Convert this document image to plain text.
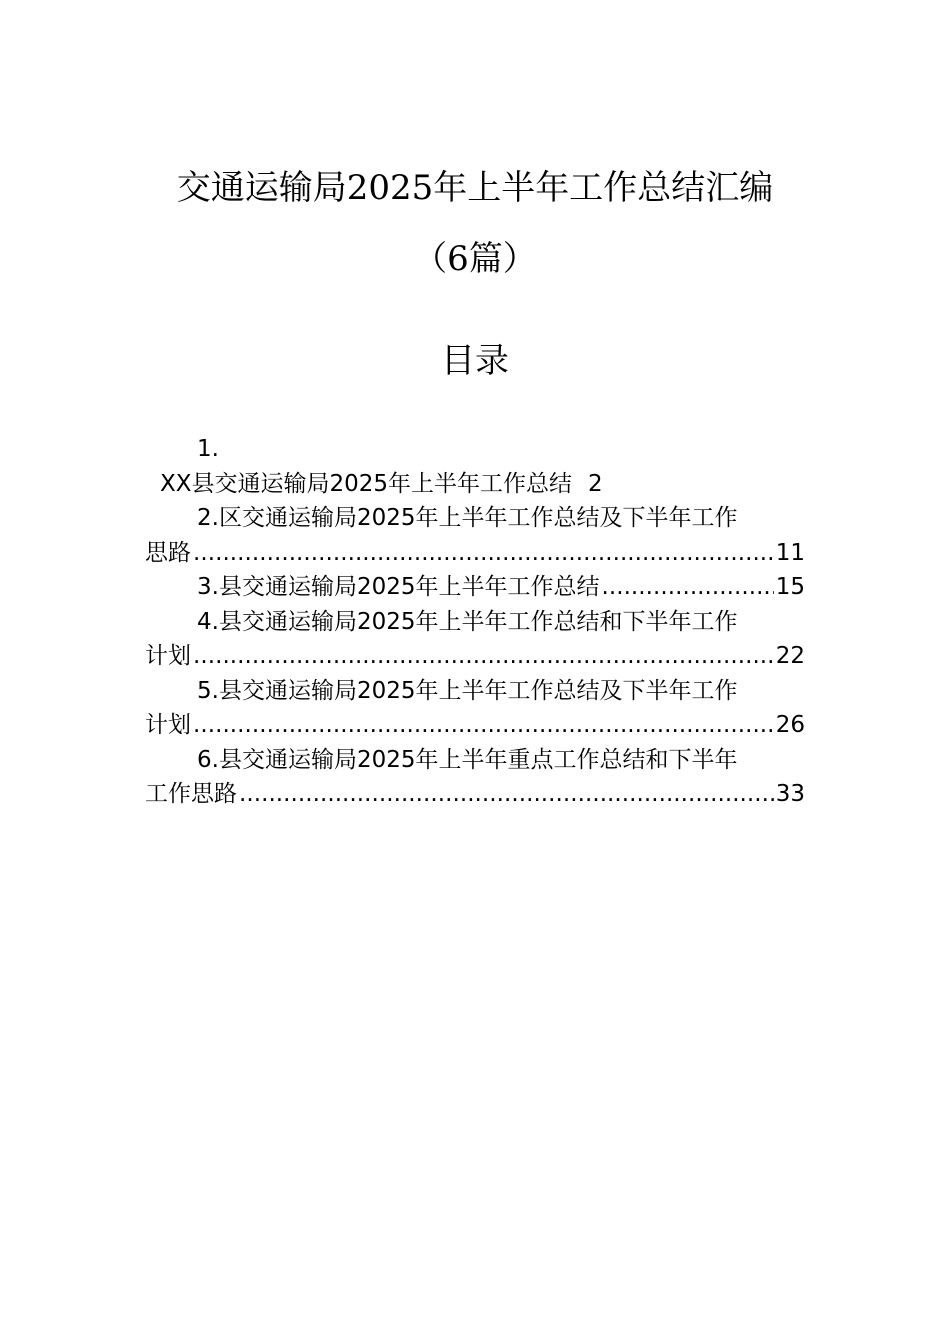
交通运输局2025年上半年工作总结汇编
（6篇）
目录
1.
XX县交通运输局2025年上半年工作总结 2
2.区交通运输局2025年上半年工作总结及下半年工作
思路 .....	11
3.县交通运输局2025年上半年工作总结 .....	15
4.县交通运输局2025年上半年工作总结和下半年工作
计划 .....	22
5.县交通运输局2025年上半年工作总结及下半年工作
计划 .....	26
6.县交通运输局2025年上半年重点工作总结和下半年
工作思路 .....	33
